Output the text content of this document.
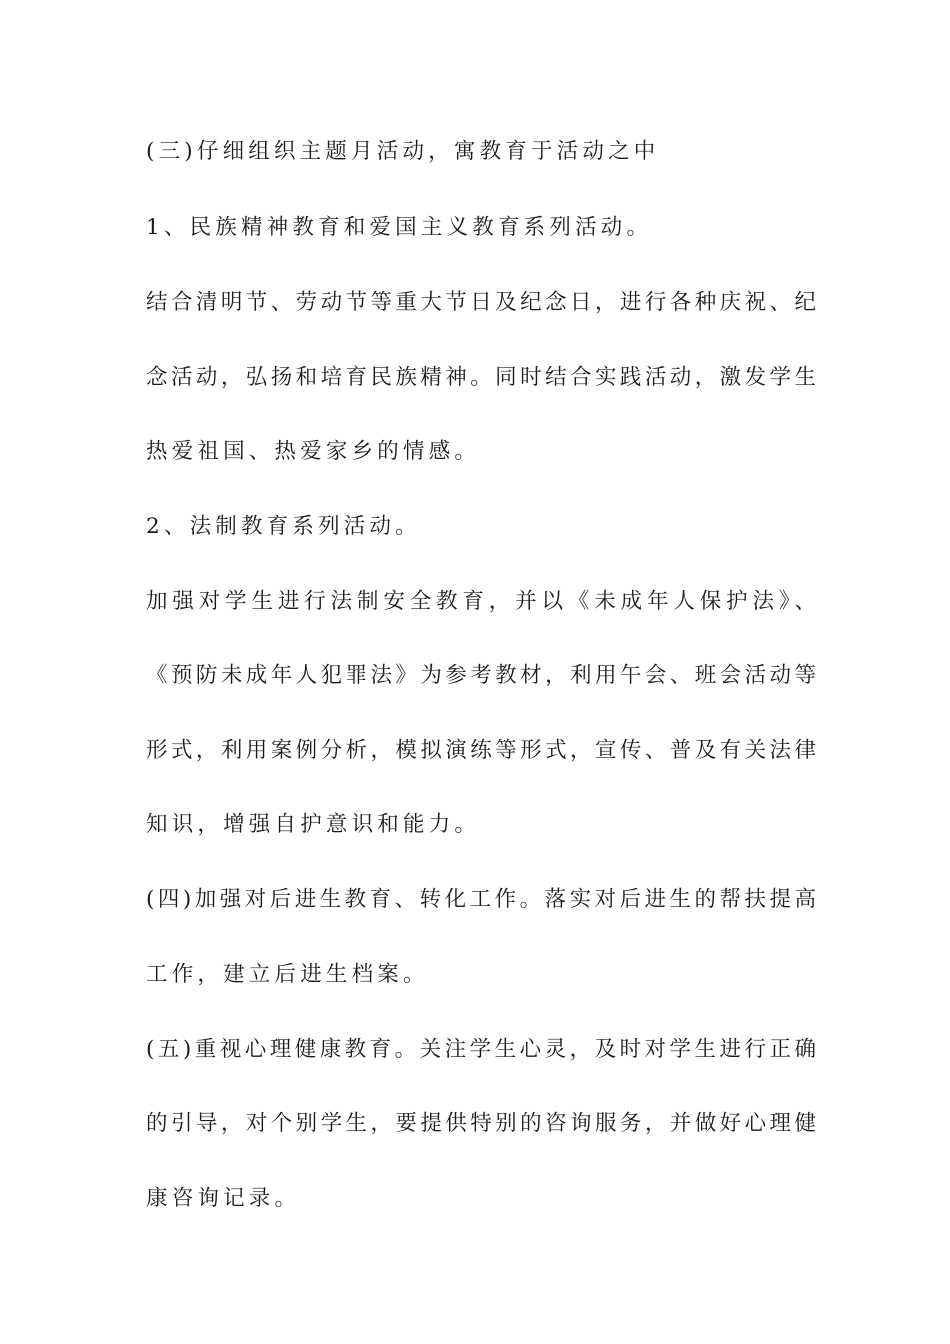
(三)仔细组织主题月活动，寓教育于活动之中
1、民族精神教育和爱国主义教育系列活动。
结合清明节、劳动节等重大节日及纪念日，进行各种庆祝、纪
念活动，弘扬和培育民族精神。同时结合实践活动，激发学生
热爱祖国、热爱家乡的情感。
2、法制教育系列活动。
加强对学生进行法制安全教育，并以《未成年人保护法》、
《预防未成年人犯罪法》为参考教材，利用午会、班会活动等
形式，利用案例分析，模拟演练等形式，宣传、普及有关法律
知识，增强自护意识和能力。
(四)加强对后进生教育、转化工作。落实对后进生的帮扶提高
工作，建立后进生档案。
(五)重视心理健康教育。关注学生心灵，及时对学生进行正确
的引导，对个别学生，要提供特别的咨询服务，并做好心理健
康咨询记录。
